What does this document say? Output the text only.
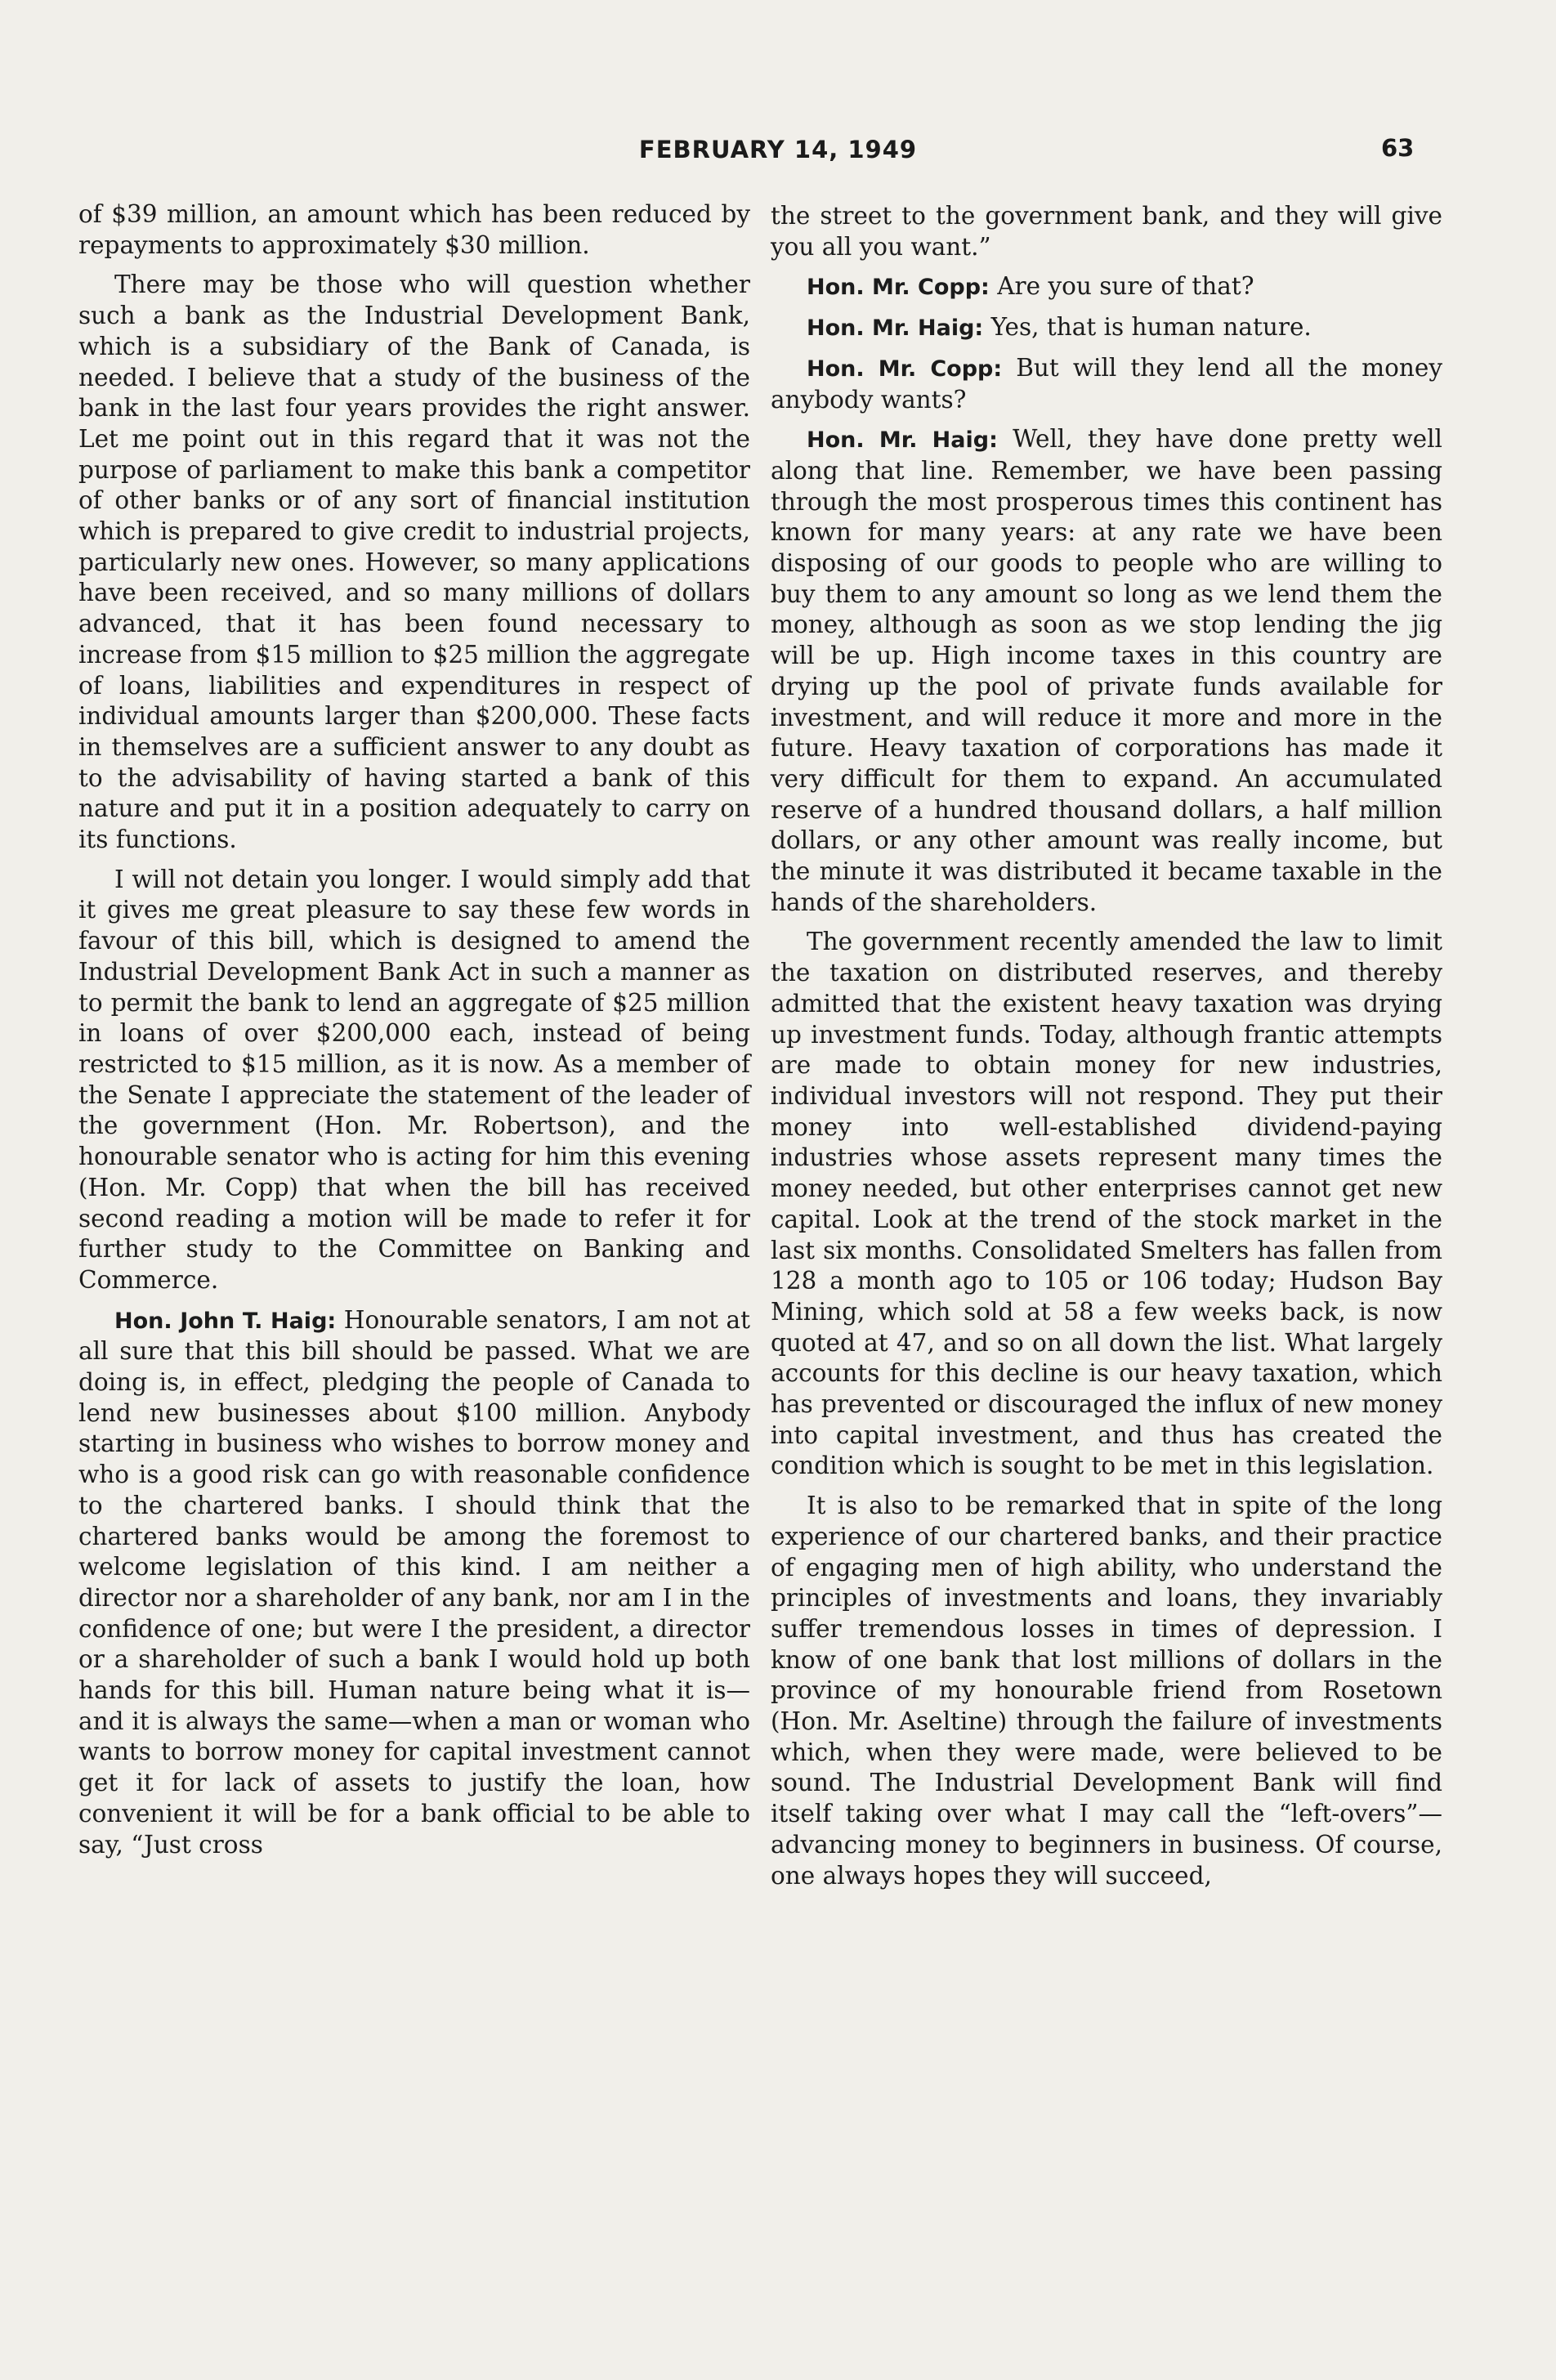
FEBRUARY 14, 1949	63

of $39 million, an amount which has been reduced by repayments to approximately $30 million.

There may be those who will question whether such a bank as the Industrial Development Bank, which is a subsidiary of the Bank of Canada, is needed. I believe that a study of the business of the bank in the last four years provides the right answer. Let me point out in this regard that it was not the purpose of parliament to make this bank a competitor of other banks or of any sort of financial institution which is prepared to give credit to industrial projects, particularly new ones. However, so many applications have been received, and so many millions of dollars advanced, that it has been found necessary to increase from $15 million to $25 million the aggregate of loans, liabilities and expenditures in respect of individual amounts larger than $200,000. These facts in themselves are a sufficient answer to any doubt as to the advisability of having started a bank of this nature and put it in a position adequately to carry on its functions.

I will not detain you longer. I would simply add that it gives me great pleasure to say these few words in favour of this bill, which is designed to amend the Industrial Development Bank Act in such a manner as to permit the bank to lend an aggregate of $25 million in loans of over $200,000 each, instead of being restricted to $15 million, as it is now. As a member of the Senate I appreciate the statement of the leader of the government (Hon. Mr. Robertson), and the honourable senator who is acting for him this evening (Hon. Mr. Copp) that when the bill has received second reading a motion will be made to refer it for further study to the Committee on Banking and Commerce.

Hon. John T. Haig: Honourable senators, I am not at all sure that this bill should be passed. What we are doing is, in effect, pledging the people of Canada to lend new businesses about $100 million. Anybody starting in business who wishes to borrow money and who is a good risk can go with reasonable confidence to the chartered banks. I should think that the chartered banks would be among the foremost to welcome legislation of this kind. I am neither a director nor a shareholder of any bank, nor am I in the confidence of one; but were I the president, a director or a shareholder of such a bank I would hold up both hands for this bill. Human nature being what it is—and it is always the same—when a man or woman who wants to borrow money for capital investment cannot get it for lack of assets to justify the loan, how convenient it will be for a bank official to be able to say, “Just cross

the street to the government bank, and they will give you all you want.”

Hon. Mr. Copp: Are you sure of that?

Hon. Mr. Haig: Yes, that is human nature.

Hon. Mr. Copp: But will they lend all the money anybody wants?

Hon. Mr. Haig: Well, they have done pretty well along that line. Remember, we have been passing through the most prosperous times this continent has known for many years: at any rate we have been disposing of our goods to people who are willing to buy them to any amount so long as we lend them the money, although as soon as we stop lending the jig will be up. High income taxes in this country are drying up the pool of private funds available for investment, and will reduce it more and more in the future. Heavy taxation of corporations has made it very difficult for them to expand. An accumulated reserve of a hundred thousand dollars, a half million dollars, or any other amount was really income, but the minute it was distributed it became taxable in the hands of the shareholders.

The government recently amended the law to limit the taxation on distributed reserves, and thereby admitted that the existent heavy taxation was drying up investment funds. Today, although frantic attempts are made to obtain money for new industries, individual investors will not respond. They put their money into well-established dividend-paying industries whose assets represent many times the money needed, but other enterprises cannot get new capital. Look at the trend of the stock market in the last six months. Consolidated Smelters has fallen from 128 a month ago to 105 or 106 today; Hudson Bay Mining, which sold at 58 a few weeks back, is now quoted at 47, and so on all down the list. What largely accounts for this decline is our heavy taxation, which has prevented or discouraged the influx of new money into capital investment, and thus has created the condition which is sought to be met in this legislation.

It is also to be remarked that in spite of the long experience of our chartered banks, and their practice of engaging men of high ability, who understand the principles of investments and loans, they invariably suffer tremendous losses in times of depression. I know of one bank that lost millions of dollars in the province of my honourable friend from Rosetown (Hon. Mr. Aseltine) through the failure of investments which, when they were made, were believed to be sound. The Industrial Development Bank will find itself taking over what I may call the “left-overs”—advancing money to beginners in business. Of course, one always hopes they will succeed,
